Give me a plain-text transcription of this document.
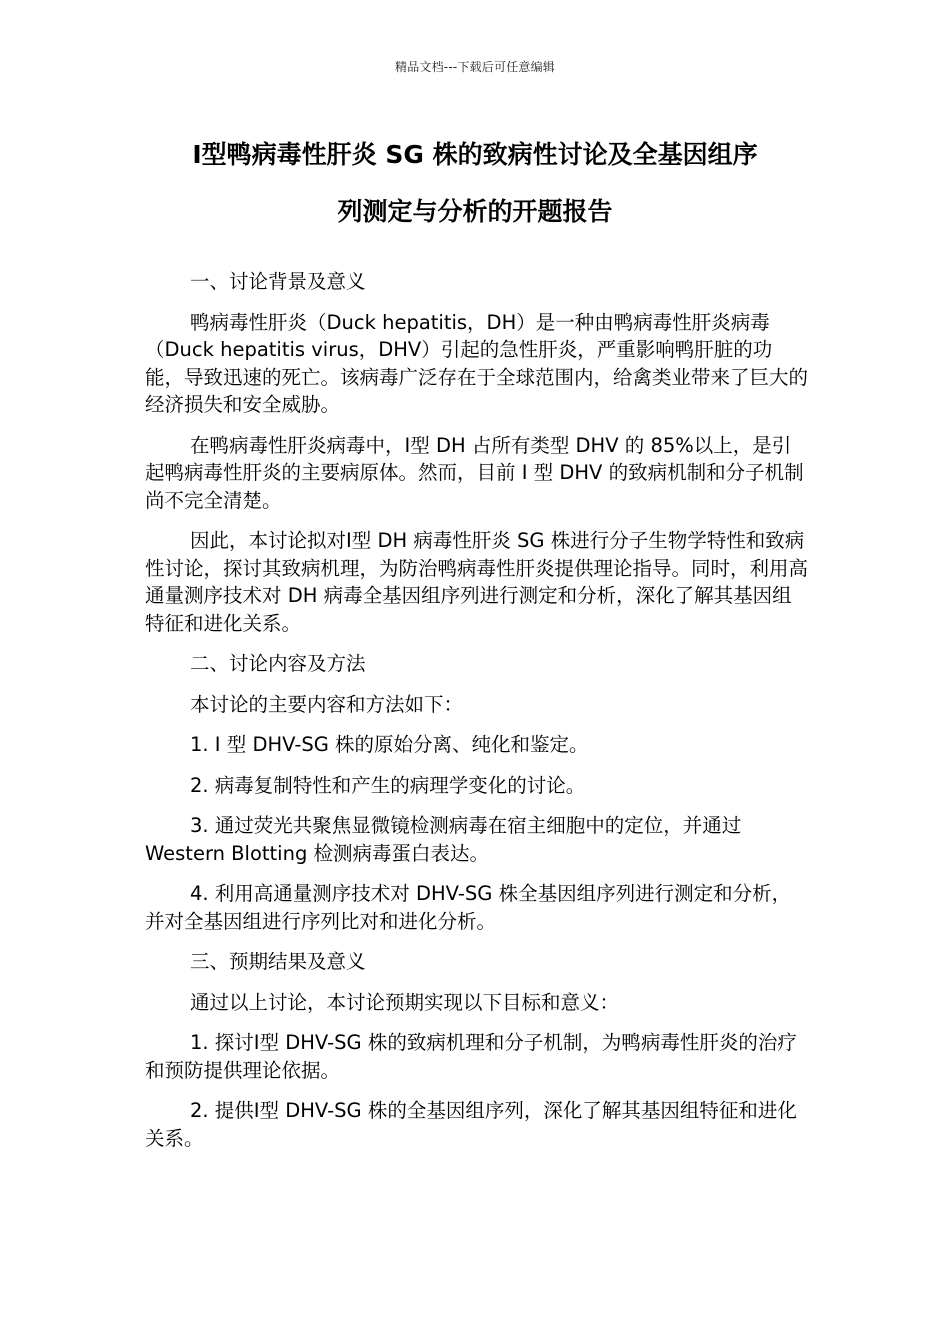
精品文档---下载后可任意编辑
Ⅰ型鸭病毒性肝炎 SG 株的致病性讨论及全基因组序
列测定与分析的开题报告

一、讨论背景及意义

鸭病毒性肝炎（Duck hepatitis，DH）是一种由鸭病毒性肝炎病毒（Duck hepatitis virus，DHV）引起的急性肝炎，严重影响鸭肝脏的功能，导致迅速的死亡。该病毒广泛存在于全球范围内，给禽类业带来了巨大的经济损失和安全威胁。

在鸭病毒性肝炎病毒中，Ⅰ型 DH 占所有类型 DHV 的 85%以上，是引起鸭病毒性肝炎的主要病原体。然而，目前 I 型 DHV 的致病机制和分子机制尚不完全清楚。

因此，本讨论拟对Ⅰ型 DH 病毒性肝炎 SG 株进行分子生物学特性和致病性讨论，探讨其致病机理，为防治鸭病毒性肝炎提供理论指导。同时，利用高通量测序技术对 DH 病毒全基因组序列进行测定和分析，深化了解其基因组特征和进化关系。

二、讨论内容及方法

本讨论的主要内容和方法如下：

1. I 型 DHV-SG 株的原始分离、纯化和鉴定。

2. 病毒复制特性和产生的病理学变化的讨论。

3. 通过荧光共聚焦显微镜检测病毒在宿主细胞中的定位，并通过 Western Blotting 检测病毒蛋白表达。

4. 利用高通量测序技术对 DHV-SG 株全基因组序列进行测定和分析，并对全基因组进行序列比对和进化分析。

三、预期结果及意义

通过以上讨论，本讨论预期实现以下目标和意义：

1. 探讨Ⅰ型 DHV-SG 株的致病机理和分子机制，为鸭病毒性肝炎的治疗和预防提供理论依据。

2. 提供Ⅰ型 DHV-SG 株的全基因组序列，深化了解其基因组特征和进化关系。
